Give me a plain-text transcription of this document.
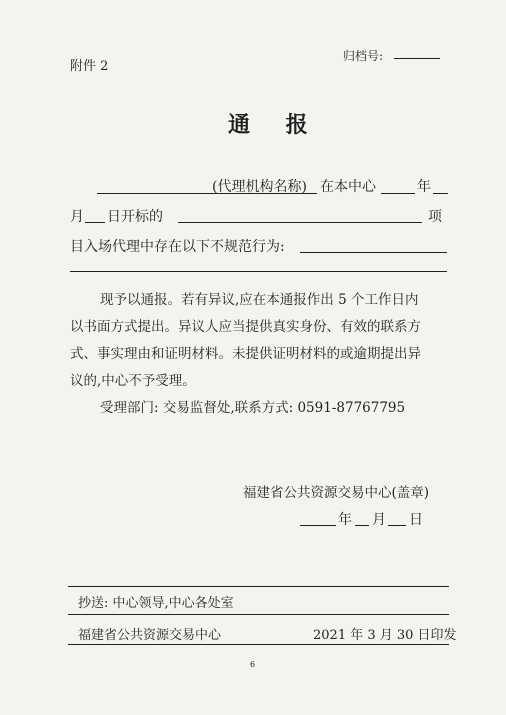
附件 2
归档号:
通 报
(代理机构名称) 在本中心	年
月 日开标的	项
目入场代理中存在以下不规范行为:
现予以通报。若有异议,应在本通报作出 5 个工作日内
以书面方式提出。异议人应当提供真实身份、有效的联系方
式、事实理由和证明材料。未提供证明材料的或逾期提出异
议的,中心不予受理。
受理部门: 交易监督处,联系方式: 0591-87767795
福建省公共资源交易中心(盖章)
年 月 日
抄送: 中心领导,中心各处室
福建省公共资源交易中心	2021 年 3 月 30 日印发
6
